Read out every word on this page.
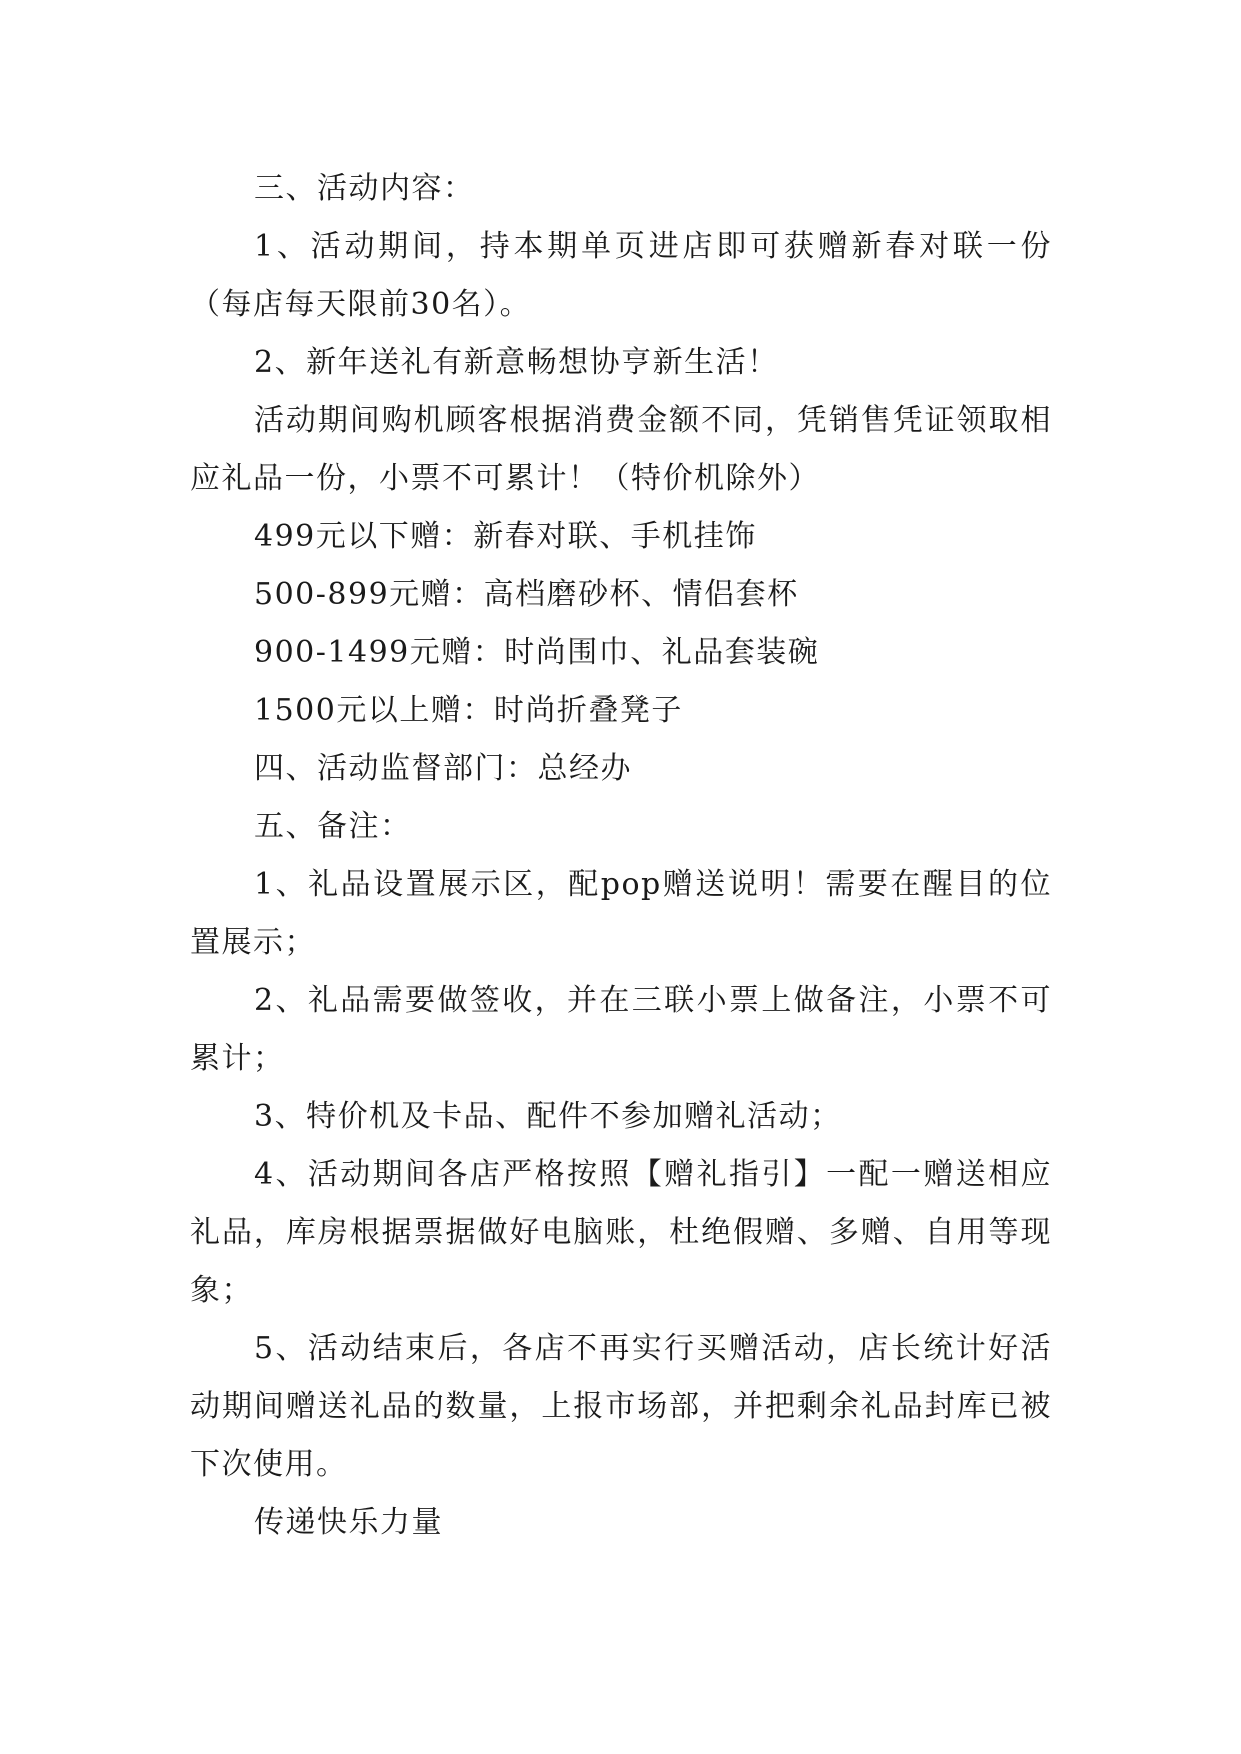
三、活动内容：

1、活动期间，持本期单页进店即可获赠新春对联一份（每店每天限前30名）。

2、新年送礼有新意畅想协亨新生活！

活动期间购机顾客根据消费金额不同，凭销售凭证领取相应礼品一份，小票不可累计！（特价机除外）

499元以下赠：新春对联、手机挂饰

500-899元赠：高档磨砂杯、情侣套杯

900-1499元赠：时尚围巾、礼品套装碗

1500元以上赠：时尚折叠凳子

四、活动监督部门：总经办

五、备注：

1、礼品设置展示区，配pop赠送说明！需要在醒目的位置展示；

2、礼品需要做签收，并在三联小票上做备注，小票不可累计；

3、特价机及卡品、配件不参加赠礼活动；

4、活动期间各店严格按照【赠礼指引】一配一赠送相应礼品，库房根据票据做好电脑账，杜绝假赠、多赠、自用等现象；

5、活动结束后，各店不再实行买赠活动，店长统计好活动期间赠送礼品的数量，上报市场部，并把剩余礼品封库已被下次使用。

传递快乐力量
